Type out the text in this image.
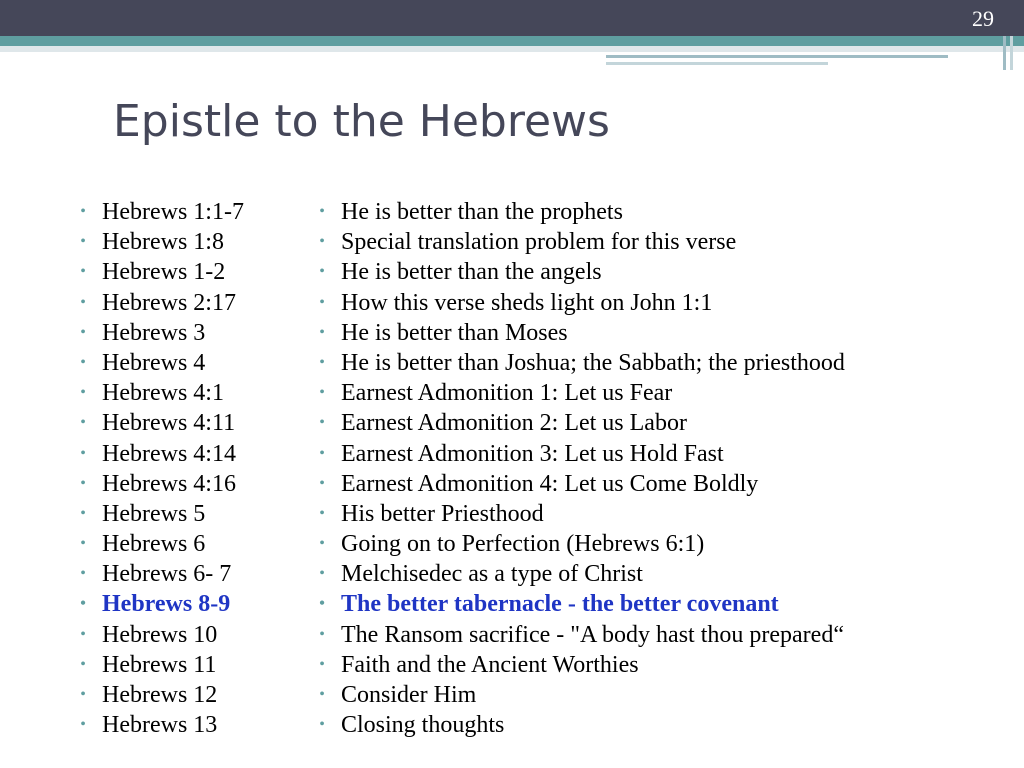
29
Epistle to the Hebrews
• Hebrews 1:1-7
• Hebrews 1:8
• Hebrews 1-2
• Hebrews 2:17
• Hebrews 3
• Hebrews 4
• Hebrews 4:1
• Hebrews 4:11
• Hebrews 4:14
• Hebrews 4:16
• Hebrews 5
• Hebrews 6
• Hebrews 6- 7
• Hebrews 8-9
• Hebrews 10
• Hebrews 11
• Hebrews 12
• Hebrews 13
• He is better than the prophets
• Special translation problem for this verse
• He is better than the angels
• How this verse sheds light on John 1:1
• He is better than Moses
• He is better than Joshua; the Sabbath; the priesthood
• Earnest Admonition 1: Let us Fear
• Earnest Admonition 2: Let us Labor
• Earnest Admonition 3: Let us Hold Fast
• Earnest Admonition 4: Let us Come Boldly
• His better Priesthood
• Going on to Perfection (Hebrews 6:1)
• Melchisedec as a type of Christ
• The better tabernacle - the better covenant
• The Ransom sacrifice - "A body hast thou prepared“
• Faith and the Ancient Worthies
• Consider Him
• Closing thoughts
